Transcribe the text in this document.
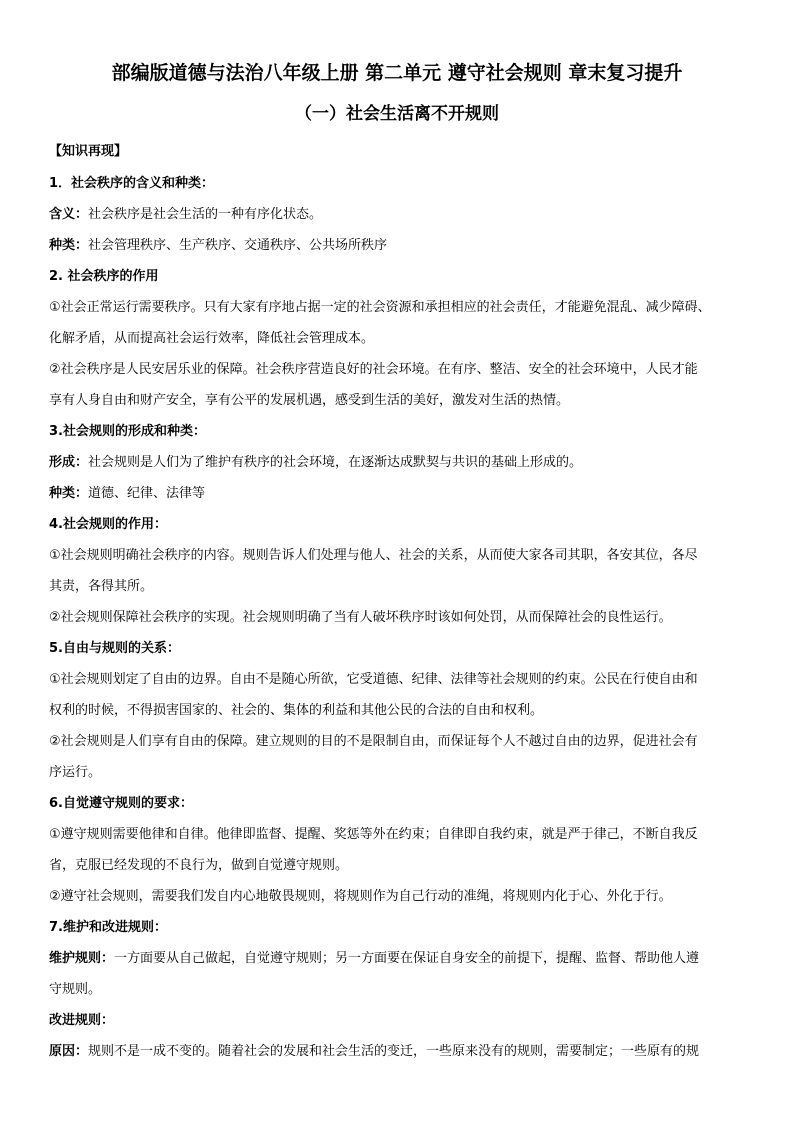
部编版道德与法治八年级上册 第二单元 遵守社会规则 章末复习提升
（一）社会生活离不开规则
【知识再现】
1．社会秩序的含义和种类：
含义：社会秩序是社会生活的一种有序化状态。
种类：社会管理秩序、生产秩序、交通秩序、公共场所秩序
2. 社会秩序的作用
①社会正常运行需要秩序。只有大家有序地占据一定的社会资源和承担相应的社会责任，才能避免混乱、减少障碍、
化解矛盾，从而提高社会运行效率，降低社会管理成本。
②社会秩序是人民安居乐业的保障。社会秩序营造良好的社会环境。在有序、整洁、安全的社会环境中，人民才能
享有人身自由和财产安全，享有公平的发展机遇，感受到生活的美好，激发对生活的热情。
3.社会规则的形成和种类：
形成：社会规则是人们为了维护有秩序的社会环境，在逐渐达成默契与共识的基础上形成的。
种类：道德、纪律、法律等
4.社会规则的作用：
①社会规则明确社会秩序的内容。规则告诉人们处理与他人、社会的关系，从而使大家各司其职，各安其位，各尽
其责，各得其所。
②社会规则保障社会秩序的实现。社会规则明确了当有人破坏秩序时该如何处罚，从而保障社会的良性运行。
5.自由与规则的关系：
①社会规则划定了自由的边界。自由不是随心所欲，它受道德、纪律、法律等社会规则的约束。公民在行使自由和
权利的时候，不得损害国家的、社会的、集体的利益和其他公民的合法的自由和权利。
②社会规则是人们享有自由的保障。建立规则的目的不是限制自由，而保证每个人不越过自由的边界，促进社会有
序运行。
6.自觉遵守规则的要求：
①遵守规则需要他律和自律。他律即监督、提醒、奖惩等外在约束；自律即自我约束，就是严于律己，不断自我反
省，克服已经发现的不良行为，做到自觉遵守规则。
②遵守社会规则，需要我们发自内心地敬畏规则，将规则作为自己行动的准绳，将规则内化于心、外化于行。
7.维护和改进规则：
维护规则：一方面要从自己做起，自觉遵守规则；另一方面要在保证自身安全的前提下，提醒、监督、帮助他人遵
守规则。
改进规则：
原因：规则不是一成不变的。随着社会的发展和社会生活的变迁，一些原来没有的规则，需要制定；一些原有的规
